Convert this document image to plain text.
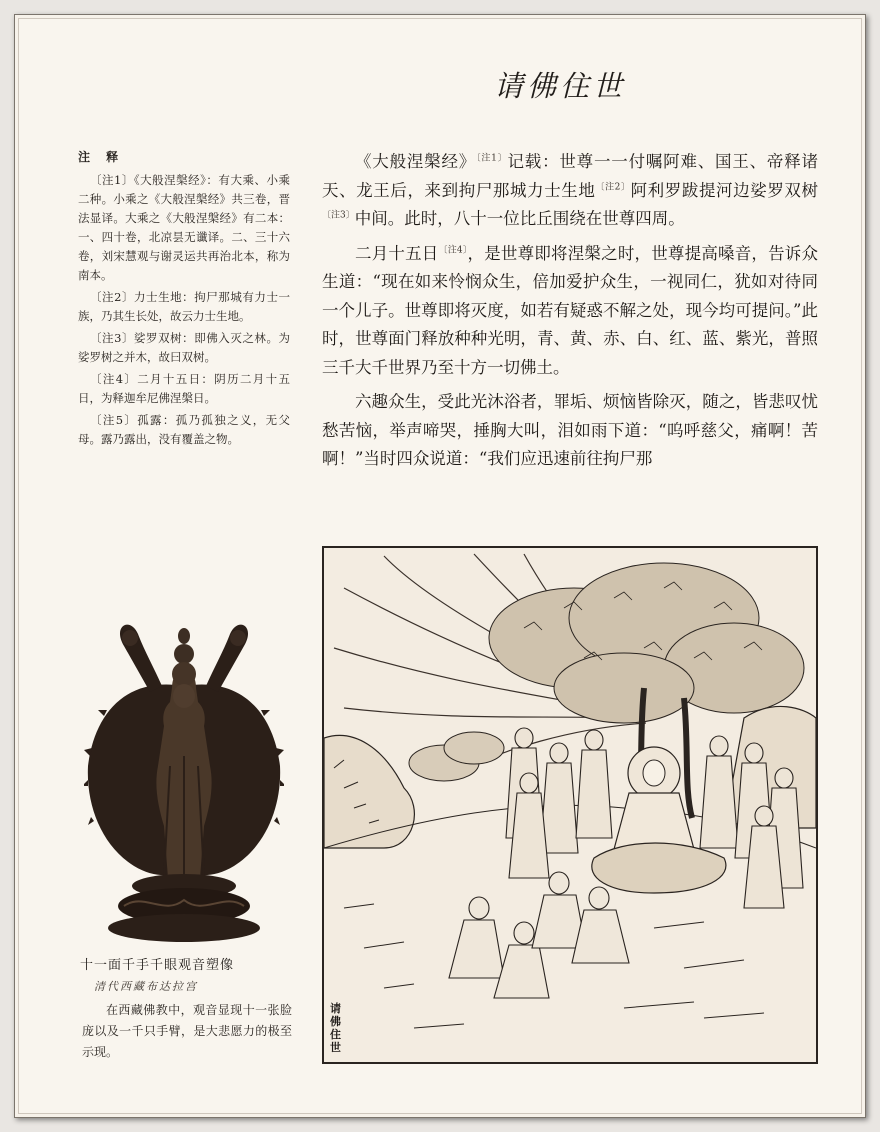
请佛住世
注 释

〔注1〕《大般涅槃经》：有大乘、小乘二种。小乘之《大般涅槃经》共三卷，晋法显译。大乘之《大般涅槃经》有二本：一、四十卷，北凉昙无谶译。二、三十六卷，刘宋慧观与谢灵运共再治北本，称为南本。

〔注2〕力士生地：拘尸那城有力士一族，乃其生长处，故云力士生地。

〔注3〕娑罗双树：即佛入灭之林。为娑罗树之并木，故曰双树。

〔注4〕二月十五日：阴历二月十五日，为释迦牟尼佛涅槃日。

〔注5〕孤露：孤乃孤独之义，无父母。露乃露出，没有覆盖之物。

《大般涅槃经》$^{〔注1〕}$记载：世尊一一付嘱阿难、国王、帝释诸天、龙王后，来到拘尸那城力士生地$^{〔注2〕}$阿利罗跋提河边娑罗双树$^{〔注3〕}$中间。此时，八十一位比丘围绕在世尊四周。

二月十五日$^{〔注4〕}$，是世尊即将涅槃之时，世尊提高嗓音，告诉众生道：“现在如来怜悯众生，倍加爱护众生，一视同仁，犹如对待同一个儿子。世尊即将灭度，如若有疑惑不解之处，现今均可提问。”此时，世尊面门释放种种光明，青、黄、赤、白、红、蓝、紫光，普照三千大千世界乃至十方一切佛土。

六趣众生，受此光沐浴者，罪垢、烦恼皆除灭，随之，皆悲叹忧愁苦恼，举声啼哭，捶胸大叫，泪如雨下道：“呜呼慈父，痛啊！苦啊！”当时四众说道：“我们应迅速前往拘尸那

十一面千手千眼观音塑像
清代西藏布达拉宫
在西藏佛教中，观音显现十一张脸庞以及一千只手臂，是大悲愿力的极至示现。
请佛住世
